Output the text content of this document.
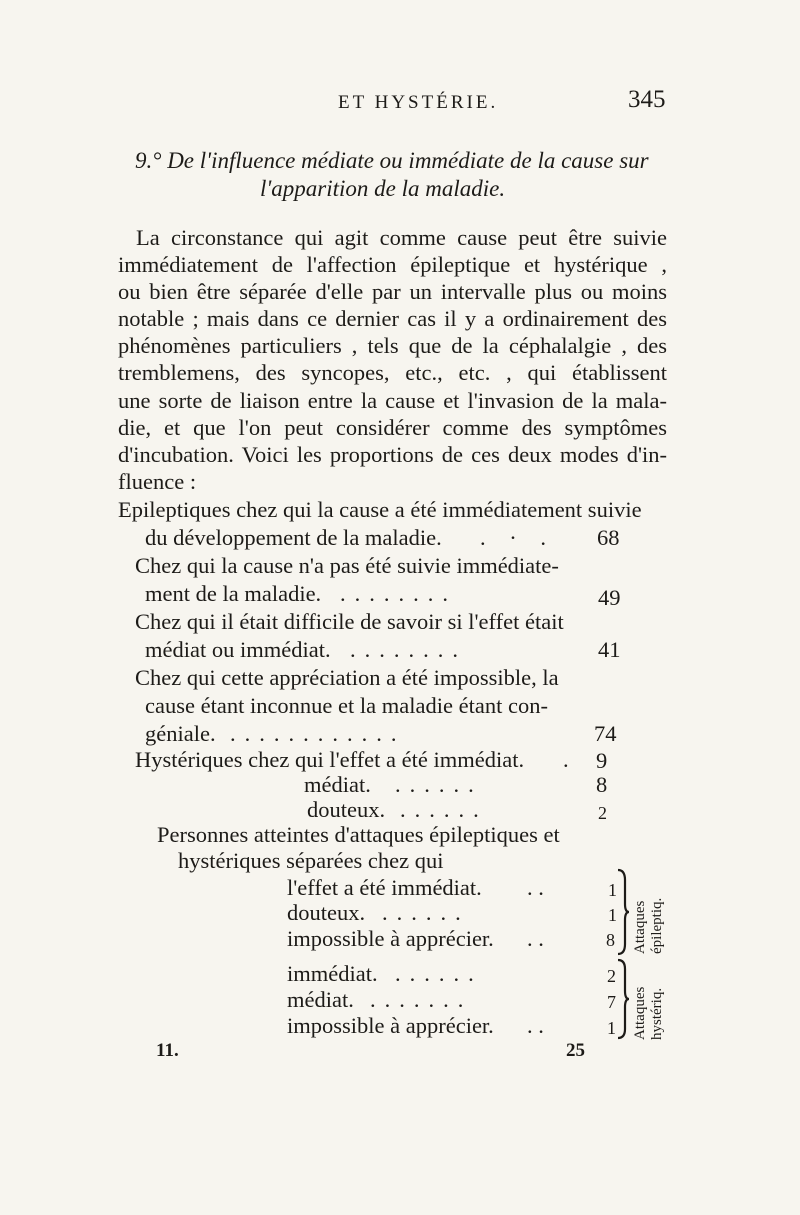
ET HYSTÉRIE.	345
9.° De l'influence médiate ou immédiate de la cause sur
l'apparition de la maladie.
La circonstance qui agit comme cause peut être suivie
immédiatement de l'affection épileptique et hystérique ,
ou bien être séparée d'elle par un intervalle plus ou moins
notable ; mais dans ce dernier cas il y a ordinairement des
phénomènes particuliers , tels que de la céphalalgie , des
tremblemens, des syncopes, etc., etc. , qui établissent
une sorte de liaison entre la cause et l'invasion de la mala-
die, et que l'on peut considérer comme des symptômes
d'incubation. Voici les proportions de ces deux modes d'in-
fluence :
Epileptiques chez qui la cause a été immédiatement suivie
du développement de la maladie. . · . 68
Chez qui la cause n'a pas été suivie immédiate-
ment de la maladie. ........	49
Chez qui il était difficile de savoir si l'effet était
médiat ou immédiat. ........	41
Chez qui cette appréciation a été impossible, la
cause étant inconnue et la maladie étant con-
géniale. ............	74
Hystériques chez qui l'effet a été immédiat. . 9
médiat. ......	8
douteux. ......	2
Personnes atteintes d'attaques épileptiques et
hystériques séparées chez qui
l'effet a été immédiat. . .	1
douteux. ......	1
impossible à apprécier. . .	8 Attaques épileptiq.
immédiat. ......	2
médiat. .......	7
impossible à apprécier. . .	1 Attaques hystériq.
11.	25
